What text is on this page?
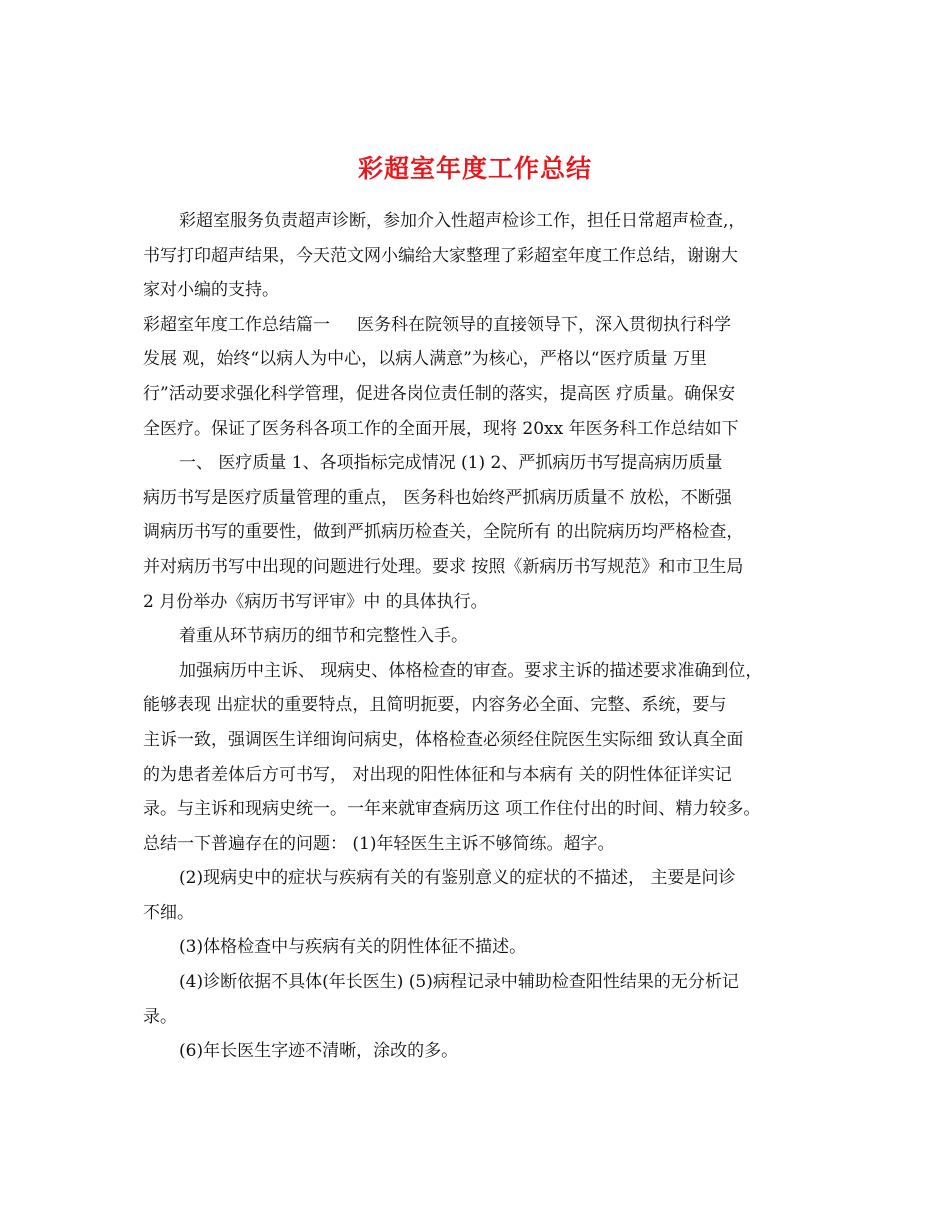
彩超室年度工作总结
彩超室服务负责超声诊断，参加介入性超声检诊工作，担任日常超声检查,，
书写打印超声结果，今天范文网小编给大家整理了彩超室年度工作总结，谢谢大
家对小编的支持。
彩超室年度工作总结篇一     医务科在院领导的直接领导下，深入贯彻执行科学
发展 观，始终“以病人为中心，以病人满意”为核心，严格以“医疗质量 万里
行”活动要求强化科学管理，促进各岗位责任制的落实，提高医 疗质量。确保安
全医疗。保证了医务科各项工作的全面开展，现将 20xx 年医务科工作总结如下
一、 医疗质量 1、各项指标完成情况 (1) 2、严抓病历书写提高病历质量
病历书写是医疗质量管理的重点， 医务科也始终严抓病历质量不 放松，不断强
调病历书写的重要性，做到严抓病历检查关，全院所有 的出院病历均严格检查，
并对病历书写中出现的问题进行处理。要求 按照《新病历书写规范》和市卫生局
2 月份举办《病历书写评审》中 的具体执行。
着重从环节病历的细节和完整性入手。
加强病历中主诉、 现病史、体格检查的审查。要求主诉的描述要求准确到位，
能够表现 出症状的重要特点，且简明扼要，内容务必全面、完整、系统，要与
主诉一致，强调医生详细询问病史，体格检查必须经住院医生实际细 致认真全面
的为患者差体后方可书写， 对出现的阳性体征和与本病有 关的阴性体征详实记
录。与主诉和现病史统一。一年来就审查病历这 项工作住付出的时间、精力较多。
总结一下普遍存在的问题： (1)年轻医生主诉不够简练。超字。
(2)现病史中的症状与疾病有关的有鉴别意义的症状的不描述， 主要是问诊
不细。
(3)体格检查中与疾病有关的阴性体征不描述。
(4)诊断依据不具体(年长医生) (5)病程记录中辅助检查阳性结果的无分析记
录。
(6)年长医生字迹不清晰，涂改的多。
